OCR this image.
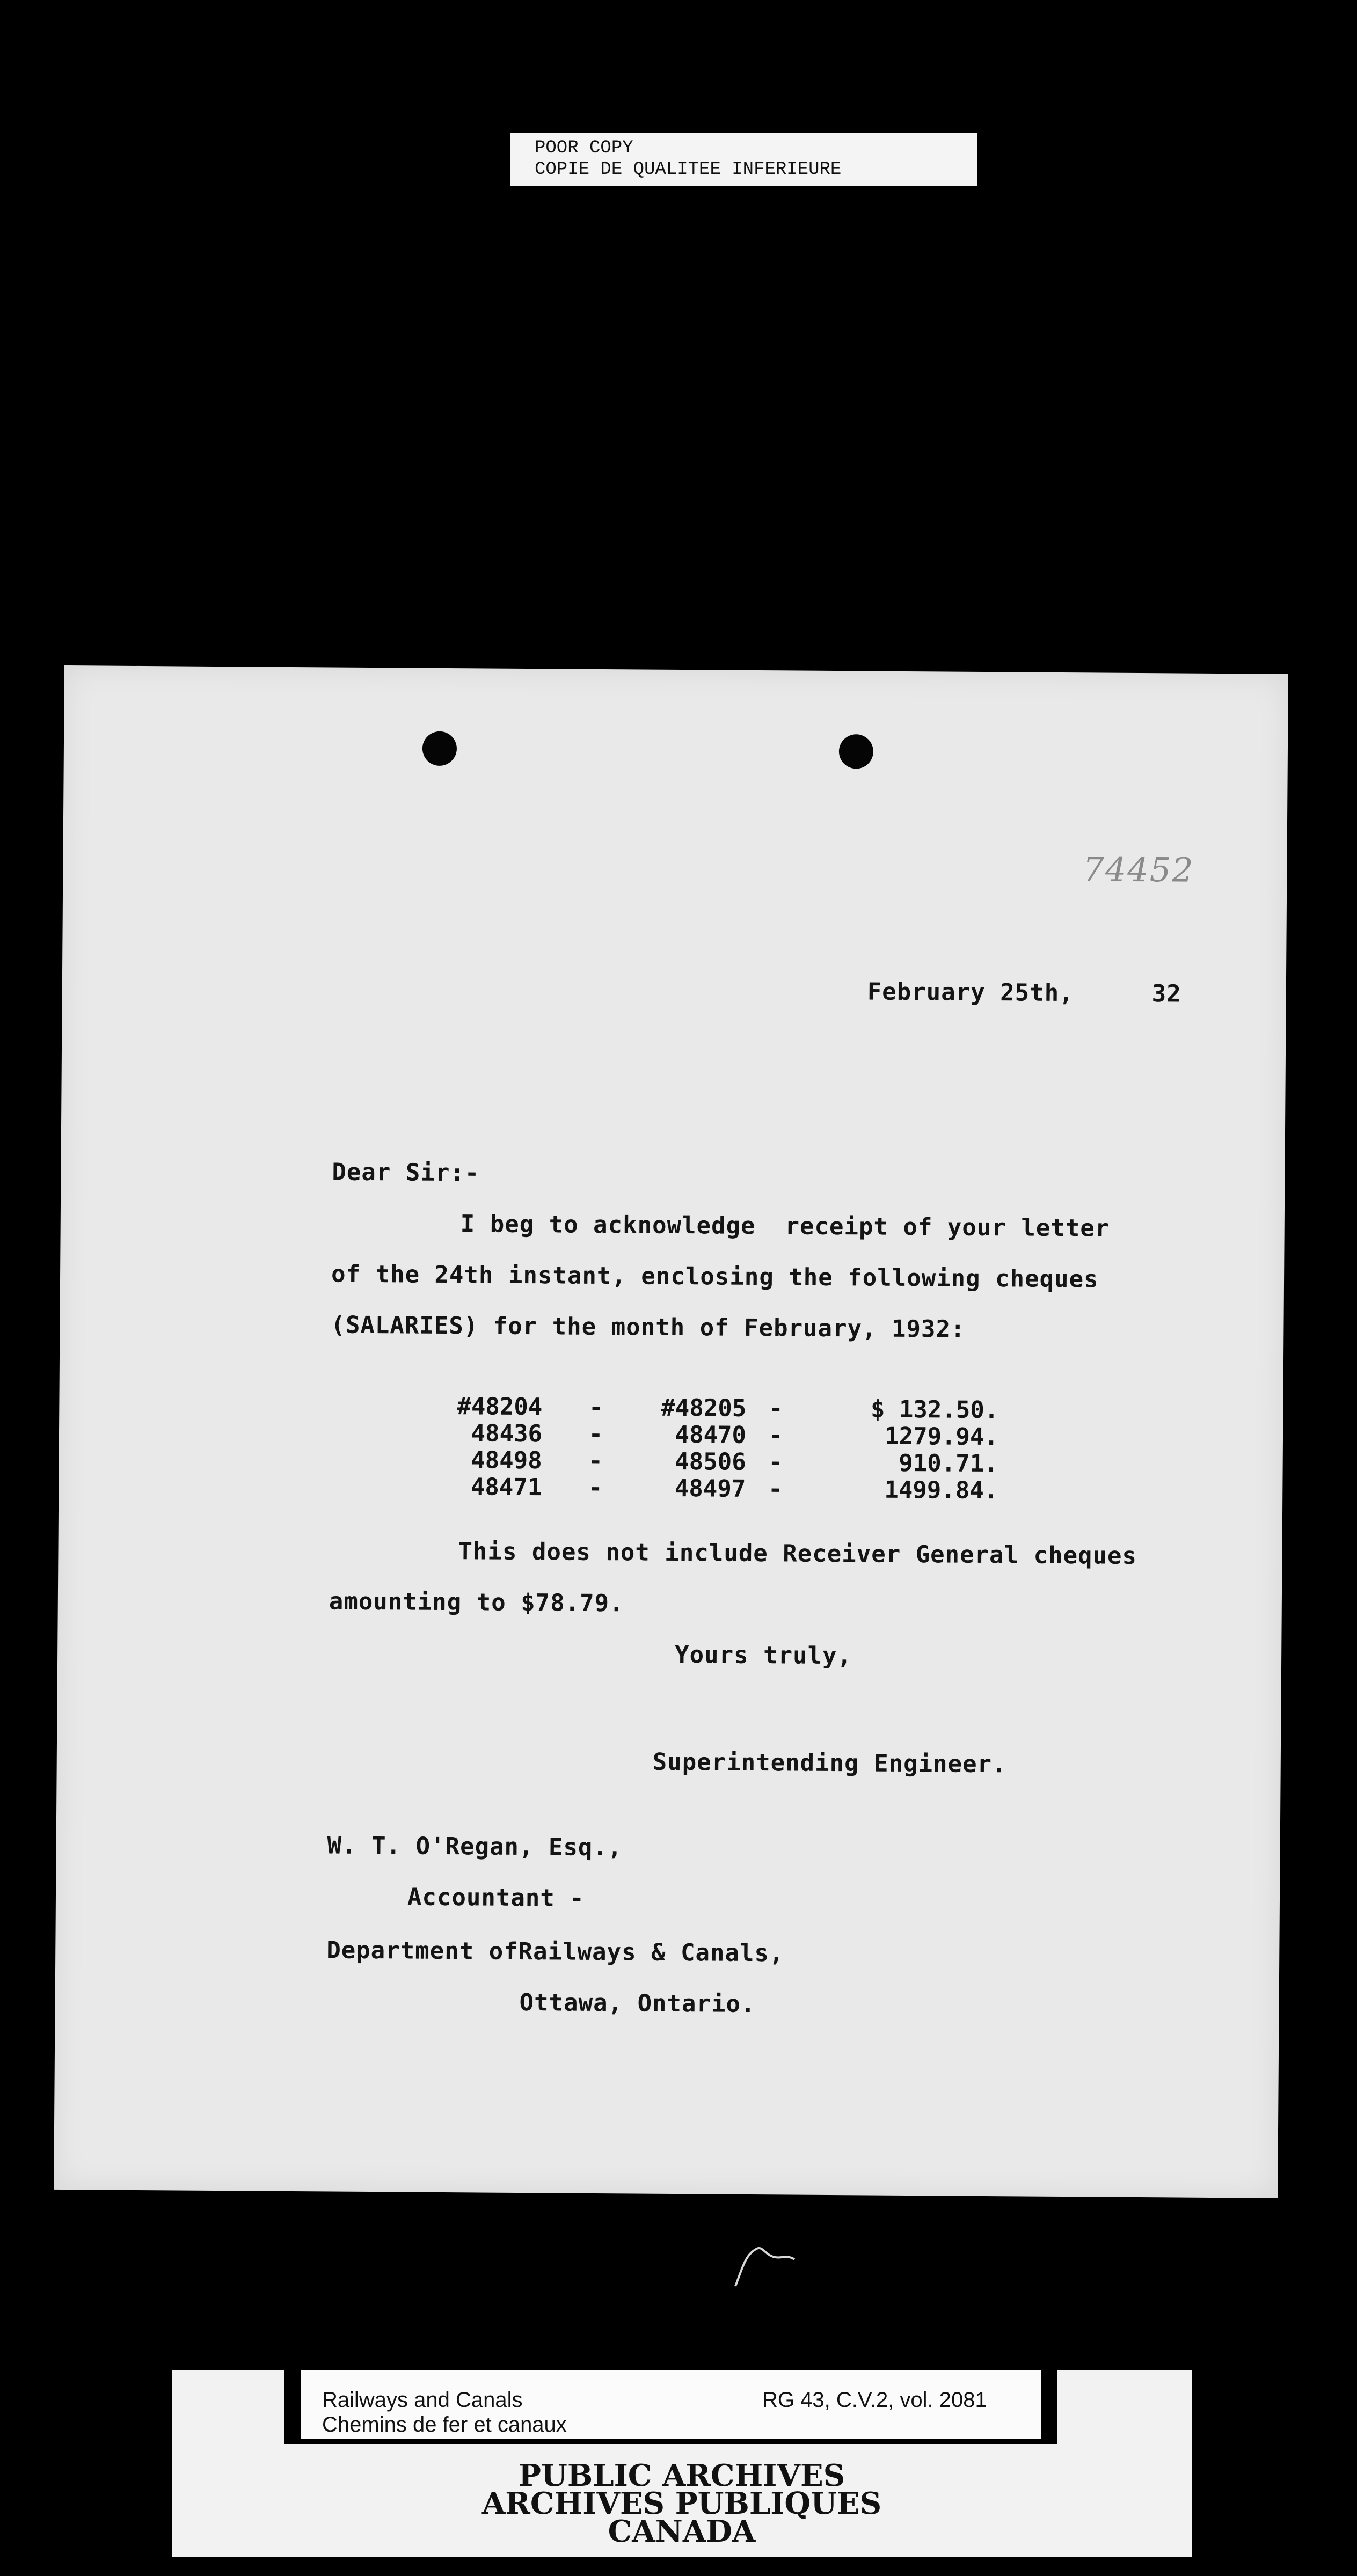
POOR COPY
COPIE DE QUALITEE INFERIEURE
74452
February 25th,	32
Dear Sir:-
I beg to acknowledge  receipt of your letter
of the 24th instant, enclosing the following cheques
(SALARIES) for the month of February, 1932:
#48204	-	#48205 -	$ 132.50.
48436	-	48470 -	1279.94.
48498	-	48506 -	910.71.
48471	-	48497 -	1499.84.
This does not include Receiver General cheques
amounting to $78.79.
Yours truly,
Superintending Engineer.
W. T. O'Regan, Esq.,
Accountant -
Department ofRailways & Canals,
Ottawa, Ontario.
Railways and Canals
Chemins de fer et canaux
RG 43, C.V.2, vol. 2081
PUBLIC ARCHIVES
ARCHIVES PUBLIQUES
CANADA
